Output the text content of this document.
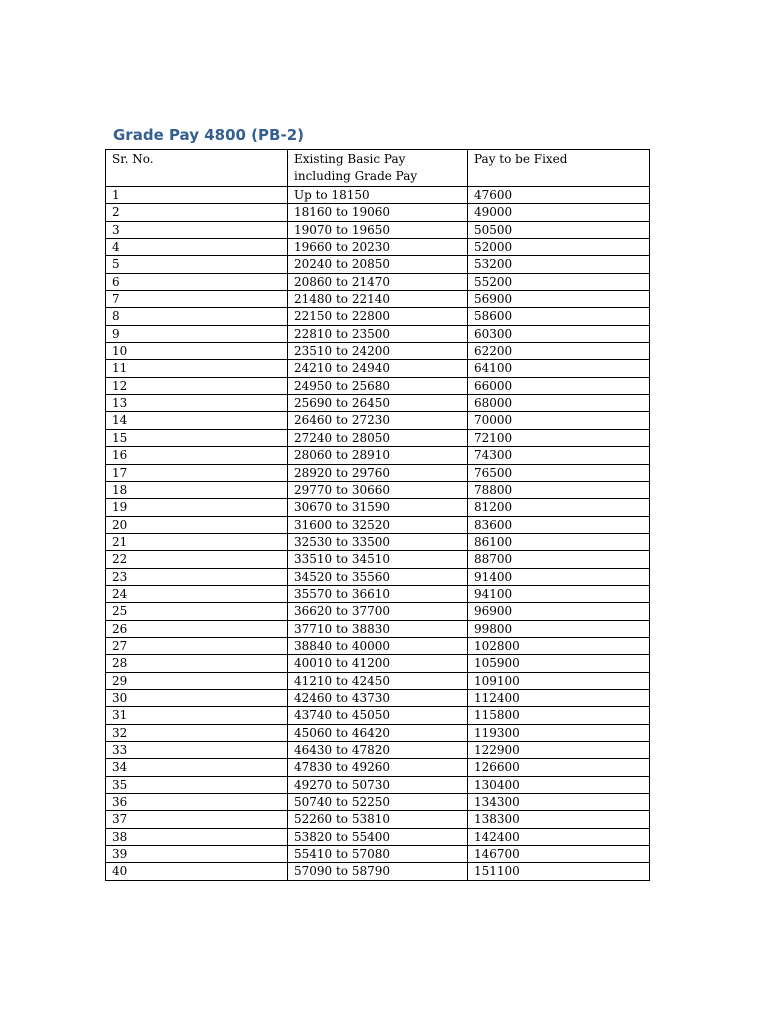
Grade Pay 4800 (PB-2)
Sr. No.	Existing Basic Pay including Grade Pay	Pay to be Fixed
1	Up to 18150	47600
2	18160 to 19060	49000
3	19070 to 19650	50500
4	19660 to 20230	52000
5	20240 to 20850	53200
6	20860 to 21470	55200
7	21480 to 22140	56900
8	22150 to 22800	58600
9	22810 to 23500	60300
10	23510 to 24200	62200
11	24210 to 24940	64100
12	24950 to 25680	66000
13	25690 to 26450	68000
14	26460 to 27230	70000
15	27240 to 28050	72100
16	28060 to 28910	74300
17	28920 to 29760	76500
18	29770 to 30660	78800
19	30670 to 31590	81200
20	31600 to 32520	83600
21	32530 to 33500	86100
22	33510 to 34510	88700
23	34520 to 35560	91400
24	35570 to 36610	94100
25	36620 to 37700	96900
26	37710 to 38830	99800
27	38840 to 40000	102800
28	40010 to 41200	105900
29	41210 to 42450	109100
30	42460 to 43730	112400
31	43740 to 45050	115800
32	45060 to 46420	119300
33	46430 to 47820	122900
34	47830 to 49260	126600
35	49270 to 50730	130400
36	50740 to 52250	134300
37	52260 to 53810	138300
38	53820 to 55400	142400
39	55410 to 57080	146700
40	57090 to 58790	151100
